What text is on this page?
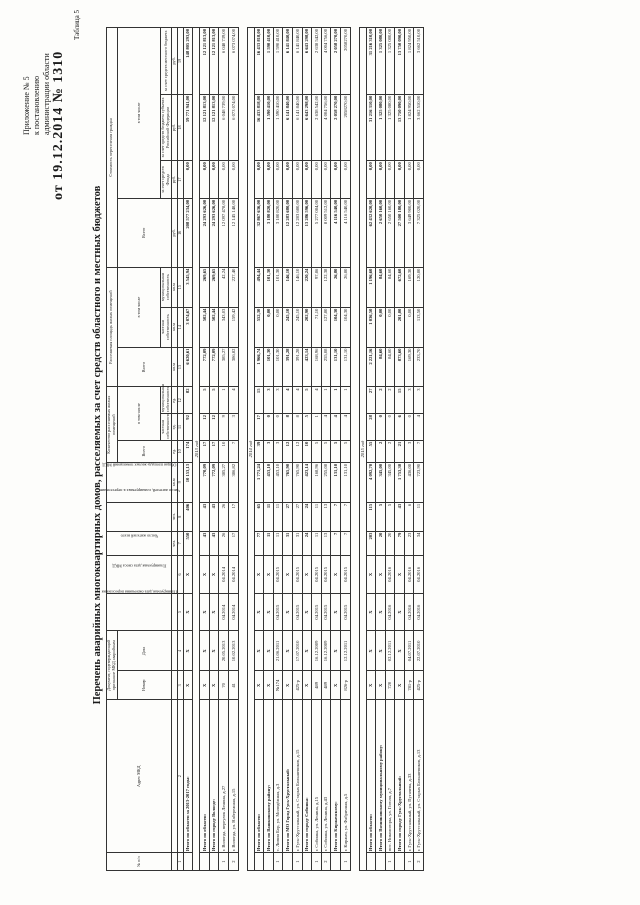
Приложение № 5 к постановлению администрации области от 19.12.2014 № 1310
Таблица 5
Перечень аварийных многоквартирных домов, расселяемых за счет средств областного и местных бюджетов
№ п/п	Адрес МКД	Документ, подтверждающий признание МКД аварийным		Планируемая дата окончания переселения	Планируемая дата сноса МКД	Число жителей всего	Число жителей, планируемых к переселению	Общая площадь жилых помещений МКД	Количество расселяемых жилых помещений			Расселяемая площадь жилых помещений			Стоимость переселения граждан			
		Номер	Дата						Всего	в том числе		Всего	в том числе		Всего	в том числе		
										частная собственность	муниципальная собственность		частная собственность	муниципальная собственность		за счет средств Фонда	за счет средств бюджета субъекта Российской Федерации	за счет средств местного бюджета
						чел.	чел.	кв.м	ед.	ед.	ед.	кв.м	кв.м	кв.м	руб.	руб.	руб.	руб.
1	2	3	4	5	6	7	8	9	10	11	12	13	14	15	16	17	18	19
	Итого по области за 2013-2017 годы:	X	X	X	X	550	406	10 153,13	174	92	82	6 620,61	3 074,67	3 545,94	208 577 234,00	0,00	59 771 941,00	148 805 293,00
2013 год																		
	Итого по области:	X	X	X	X	43	43	770,09	17	12	5	772,09	502,44	269,65	24 293 626,00	0,00	12 121 813,00	12 121 813,00
	Итого по городу Вологде:	X	X	X	X	43	43	772,09	17	12	5	772,09	502,44	269,65	24 293 626,00	0,00	12 121 813,00	12 121 813,00
1	г. Вологда, переулок Ленина, д.27	70	20.05.2013	04.2014	04.2014	26	26	385,27	10	9	1	385,27	343,03	42,24	12 097 478,00	0,00	6 048 739,00	6 048 739,00
2	г. Вологда, ул. Набережная, д.15	41	10.02.2013	04.2014	04.2014	17	17	386,82	7	3	4	386,82	159,42	227,40	12 145 148,00	0,00	6 073 074,00	6 073 074,00

2014 год																		
	Итого по области:	X	X	X	X	77	65	1 771,24	39	17	15	1 966,74	552,30	494,44	32 867 636,00	0,00	16 433 818,00	16 433 818,00
	Итого по Вашкинскому району:	X	X	X	X	11	11	453,10	3	0	3	101,30	0,00	101,30	3 180 820,00	0,00	1 590 410,00	1 590 410,00
1	с. Липин Бор, ул. Молодёжная, д.3	№174	21.06.2011	04.2015	04.2015	11	11	453,10	3	0	3	101,30	0,00	101,30	3 180 820,00	0,00	1 590 410,00	1 590 410,00
	Итого по МО Город Гусь-Хрустальный:	X	X	X	X	31	27	765,90	12	8	4	391,28	245,10	146,10	12 283 680,00	0,00	6 141 840,00	6 141 840,00
1	г. Гусь-Хрустальный, ул. Старых Большевиков, д.15	425-р	17.07.2010	04.2015	04.2015	31	27	765,90	12	8	4	391,28	245,10	146,10	12 283 680,00	0,00	6 141 840,00	6 141 840,00
	Итого по городу Собинка:	X	X	X	X	24	24	423,14	10	5	5	423,14	202,90	220,24	13 286 596,00	0,00	6 643 298,00	6 643 298,00
1	г. Собинка, ул. Ленина, д.15	489	16.12.2009	04.2015	04.2015	11	11	168,96	5	1	4	168,96	71,10	97,86	5 277 084,00	0,00	2 638 542,00	2 638 542,00
2	г. Собинка, ул. Ленина, д.43	489	16.12.2009	04.2015	04.2015	13	13	255,08	5	4	1	255,08	127,80	122,38	8 009 512,00	0,00	4 004 756,00	4 004 756,00
	Итого по Киржачскому:	X	X	X	X	7	7	131,10	5	4	1	131,10	104,30	26,80	4 116 540,00	0,00	2 058 270,00	2 058 270,00
1	г. Киржач, ул. Фабричная, д.5	826-р	12.12.2011	04.2015	04.2015	7	7	131,10	5	4	1	131,10	104,30	26,80	4 116 540,00	0,00	2058270,00	2058270,00

2015 год																		
	Итого по области:	X	X	X	X	203	115	4 092,70	55	28	27	2 221,16	1 036,50	1 196,60	62 432 620,00	0,00	31 216 310,00	31 216 310,00
	Итого по Вязниковскому муниципальному району:	X	X	X	X	20	5	345,00	2	0	2	84,60	0,00	84,60	2 650 160,00	0,00	1 325 080,00	1 325 080,00
1	пос. Никологоры, ул. Гоголя, д.7	720	02.12.2011	04.2016	04.2016	20	5	345,00	2	0	2	84,60	0,00	84,60	2 650 160,00	0,00	1 325 080,00	1 325 080,00
	Итого по городу Гусь-Хрустальный:	X	X	X	X	79	43	1 753,30	21	6	15	873,60	201,00	672,60	27 500 180,00	0,00	13 750 090,00	13 750 090,00
1	г. Гусь-Хрустальный, ул. Пугачева, д.33	781-р	04.07.2011	04.2016	04.2016	23	6	436,00	3	0	3	169,30	0,00	169,30	3 649 900,00	0,00	1 824 950,00	1 824 950,00
2	г. Гусь-Хрустальный, ул. Старых Большевиков, д.13	425-р	22.07.2010	04.2016	04.2016	34	11	723,90	7	4	3	233,70	113,50	120,80	7 325 020,00	0,00	3 662 510,00	3 662 510,00
